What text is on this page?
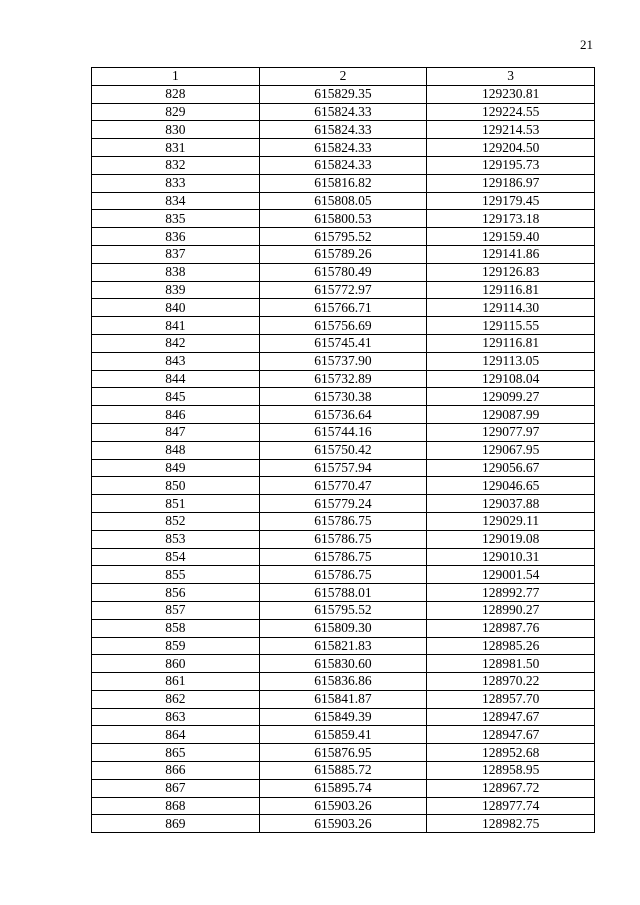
21
1	2	3
828	615829.35	129230.81
829	615824.33	129224.55
830	615824.33	129214.53
831	615824.33	129204.50
832	615824.33	129195.73
833	615816.82	129186.97
834	615808.05	129179.45
835	615800.53	129173.18
836	615795.52	129159.40
837	615789.26	129141.86
838	615780.49	129126.83
839	615772.97	129116.81
840	615766.71	129114.30
841	615756.69	129115.55
842	615745.41	129116.81
843	615737.90	129113.05
844	615732.89	129108.04
845	615730.38	129099.27
846	615736.64	129087.99
847	615744.16	129077.97
848	615750.42	129067.95
849	615757.94	129056.67
850	615770.47	129046.65
851	615779.24	129037.88
852	615786.75	129029.11
853	615786.75	129019.08
854	615786.75	129010.31
855	615786.75	129001.54
856	615788.01	128992.77
857	615795.52	128990.27
858	615809.30	128987.76
859	615821.83	128985.26
860	615830.60	128981.50
861	615836.86	128970.22
862	615841.87	128957.70
863	615849.39	128947.67
864	615859.41	128947.67
865	615876.95	128952.68
866	615885.72	128958.95
867	615895.74	128967.72
868	615903.26	128977.74
869	615903.26	128982.75
